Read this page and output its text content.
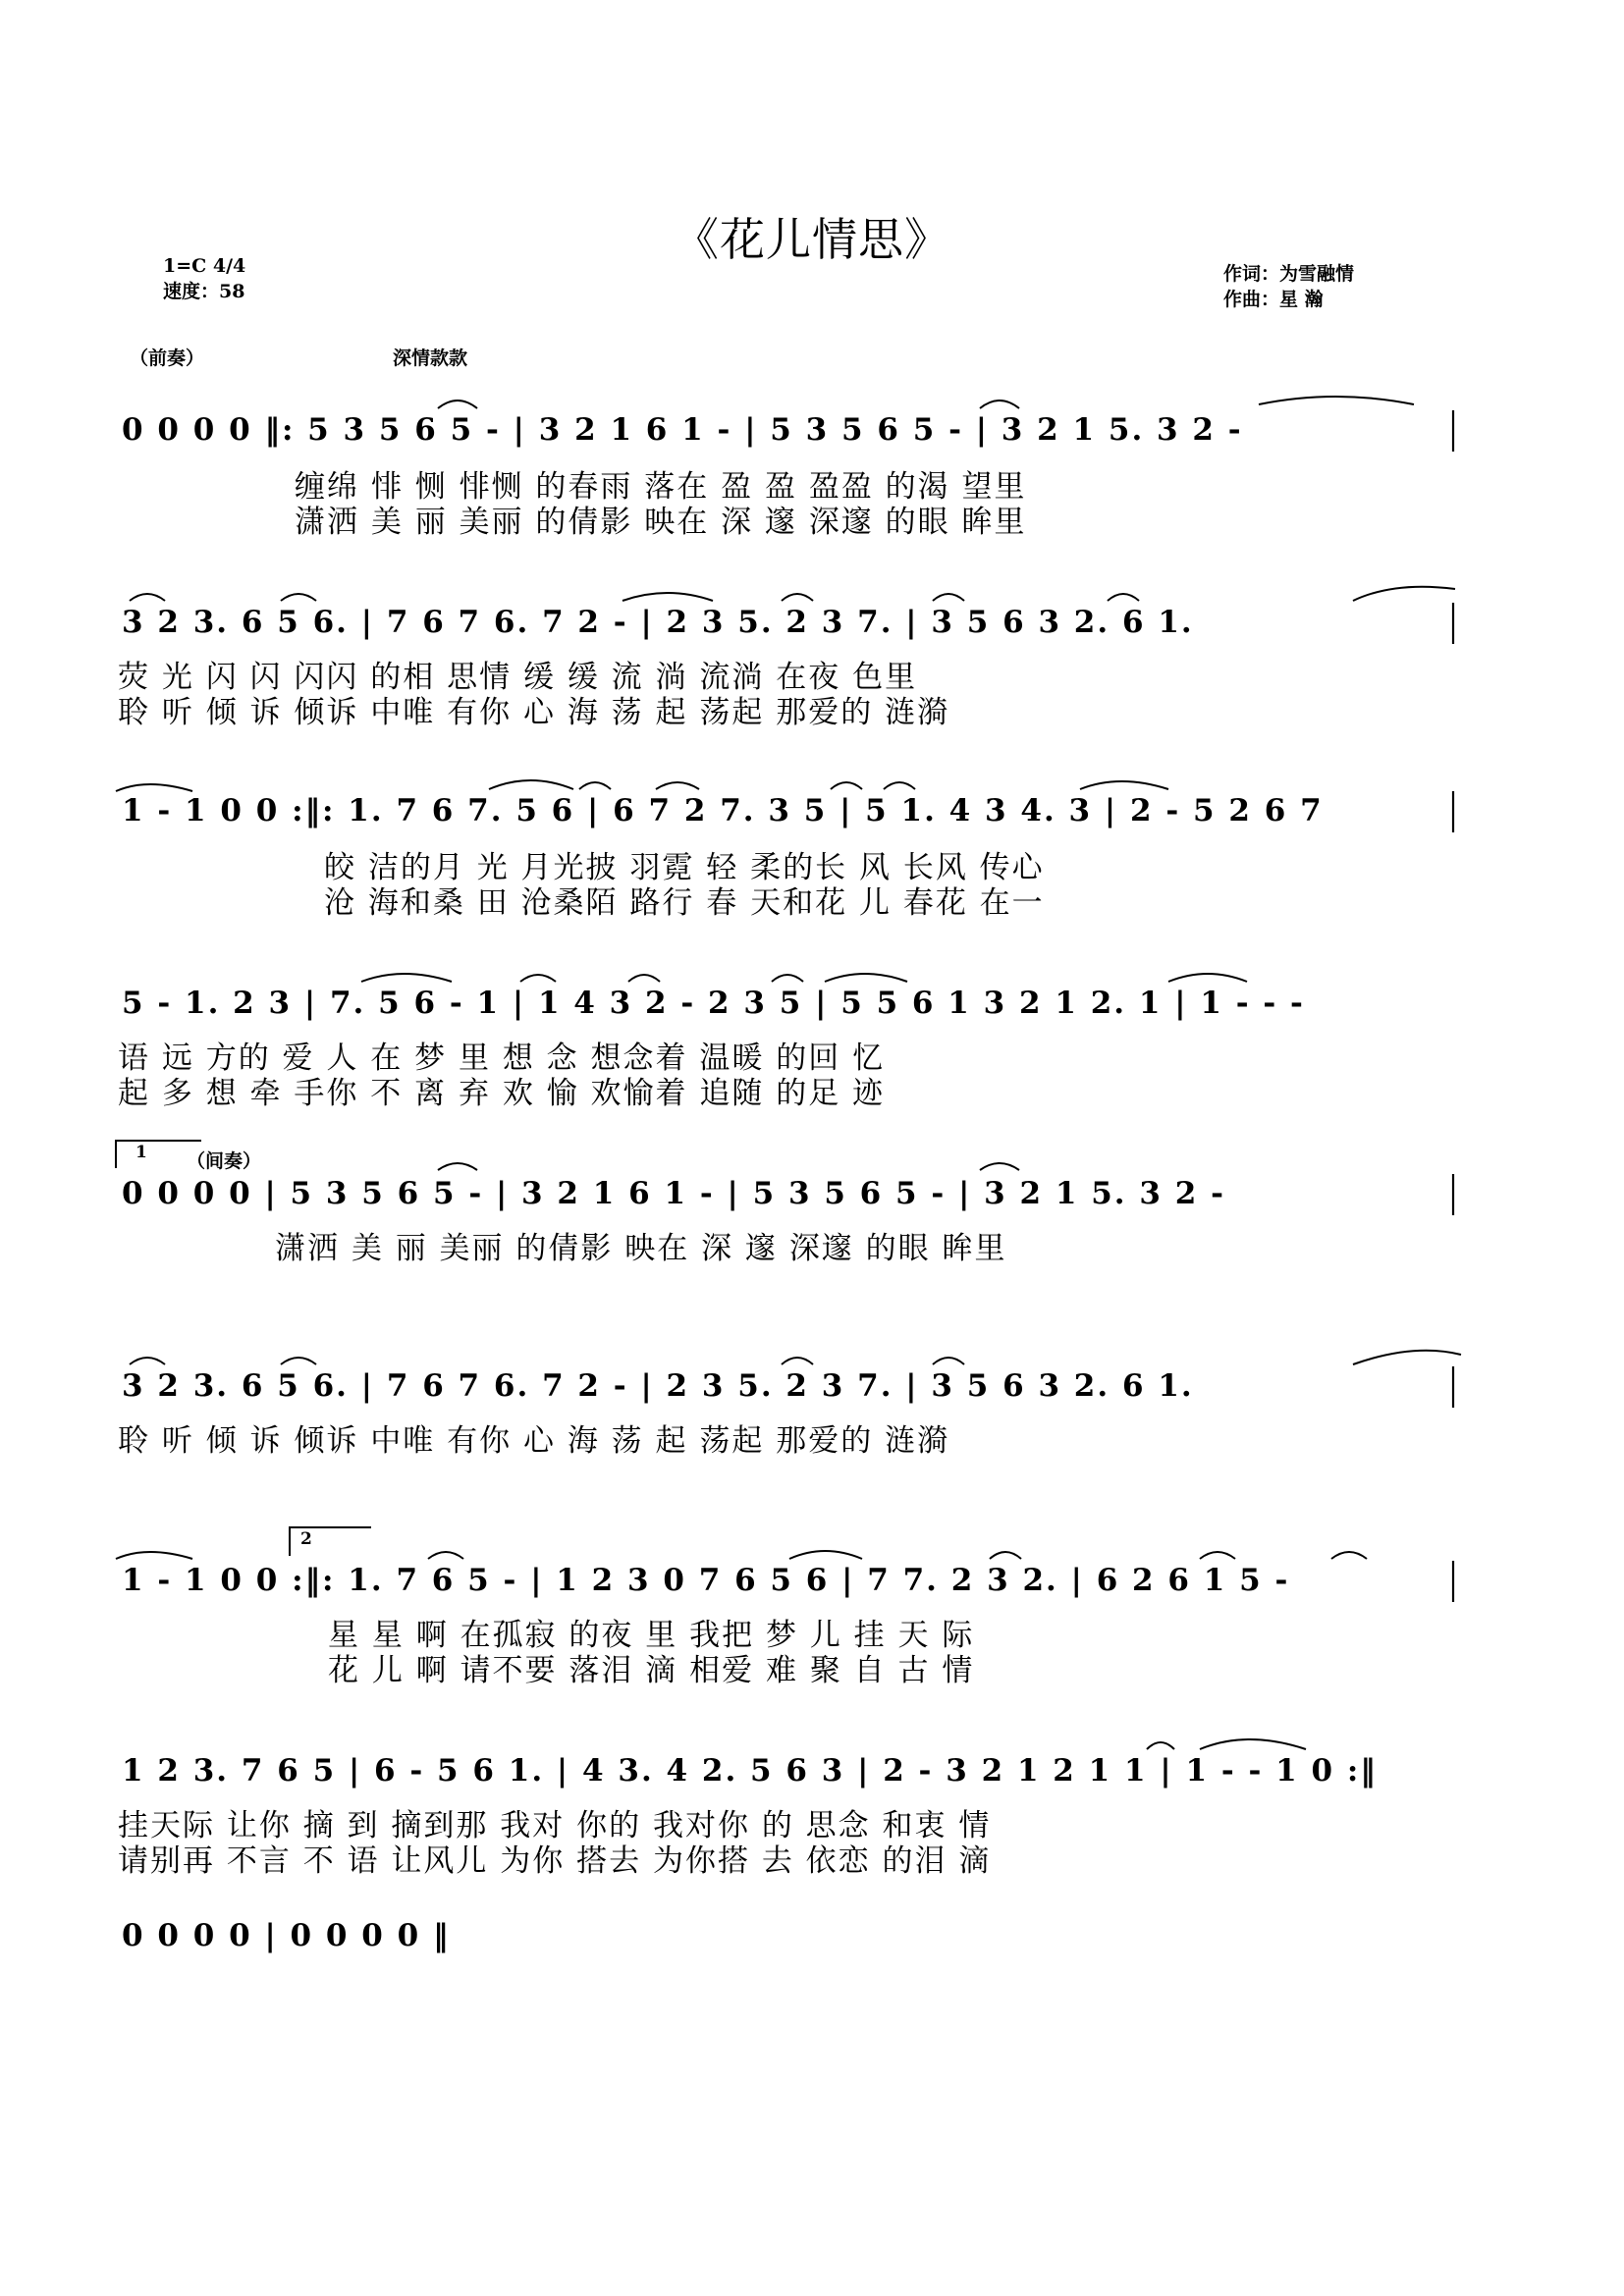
《花儿情思》
1=C 4/4
速度：58
作词：为雪融情
作曲：星 瀚
（前奏）	深情款款
0 0 0 0 ‖: 5 3 5 6 5 - | 3 2 1 6 1 - | 5 3 5 6 5 - | 3 2 1 5. 3 2 -
缠绵 悱 恻 悱恻 的春雨 落在 盈 盈 盈盈 的渴 望里
潇洒 美 丽 美丽 的倩影 映在 深 邃 深邃 的眼 眸里
3 2 3. 6 5 6. | 7 6 7 6. 7 2 - | 2 3 5. 2 3 7. | 3 5 6 3 2. 6 1.
荧 光 闪 闪 闪闪 的相 思情 缓 缓 流 淌 流淌 在夜 色里
聆 听 倾 诉 倾诉 中唯 有你 心 海 荡 起 荡起 那爱的 涟漪
1 - 1 0 0 :‖: 1. 7 6 7. 5 6 | 6 7 2 7. 3 5 | 5 1. 4 3 4. 3 | 2 - 5 2 6 7
皎 洁的月 光 月光披 羽霓 轻 柔的长 风 长风 传心
沧 海和桑 田 沧桑陌 路行 春 天和花 儿 春花 在一
5 - 1. 2 3 | 7. 5 6 - 1 | 1 4 3 2 - 2 3 5 | 5 5 6 1 3 2 1 2. 1 | 1 - - -
语 远 方的 爱 人 在 梦 里 想 念 想念着 温暖 的回 忆
起 多 想 牵 手你 不 离 弃 欢 愉 欢愉着 追随 的足 迹
1 （间奏）
0 0 0 0 | 5 3 5 6 5 - | 3 2 1 6 1 - | 5 3 5 6 5 - | 3 2 1 5. 3 2 -
潇洒 美 丽 美丽 的倩影 映在 深 邃 深邃 的眼 眸里
3 2 3. 6 5 6. | 7 6 7 6. 7 2 - | 2 3 5. 2 3 7. | 3 5 6 3 2. 6 1.
聆 听 倾 诉 倾诉 中唯 有你 心 海 荡 起 荡起 那爱的 涟漪
2
1 - 1 0 0 :‖: 1. 7 6 5 - | 1 2 3 0 7 6 5 6 | 7 7. 2 3 2. | 6 2 6 1 5 -
星 星 啊 在孤寂 的夜 里 我把 梦 儿 挂 天 际
花 儿 啊 请不要 落泪 滴 相爱 难 聚 自 古 情
1 2 3. 7 6 5 | 6 - 5 6 1. | 4 3. 4 2. 5 6 3 | 2 - 3 2 1 2 1 1 | 1 - - 1 0 :‖
挂天际 让你 摘 到 摘到那 我对 你的 我对你 的 思念 和衷 情
请别再 不言 不 语 让风儿 为你 搭去 为你搭 去 依恋 的泪 滴
0 0 0 0 | 0 0 0 0 ‖
